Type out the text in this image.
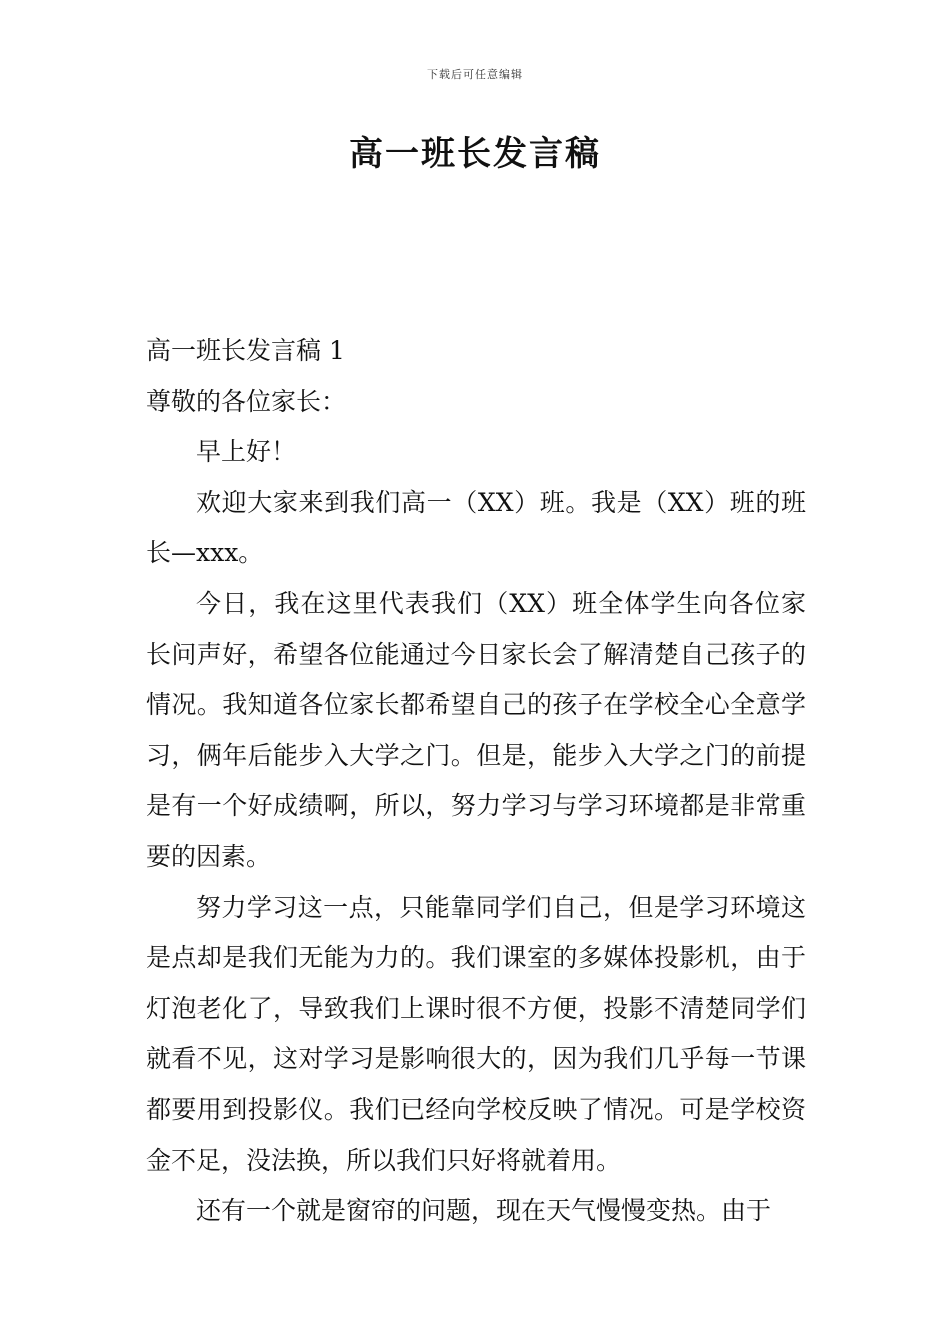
下载后可任意编辑
高一班长发言稿

高一班长发言稿 1

尊敬的各位家长：

早上好！

欢迎大家来到我们高一（XX）班。我是（XX）班的班长—xxx。

今日，我在这里代表我们（XX）班全体学生向各位家长问声好，希望各位能通过今日家长会了解清楚自己孩子的情况。我知道各位家长都希望自己的孩子在学校全心全意学习，俩年后能步入大学之门。但是，能步入大学之门的前提是有一个好成绩啊，所以，努力学习与学习环境都是非常重要的因素。

努力学习这一点，只能靠同学们自己，但是学习环境这是点却是我们无能为力的。我们课室的多媒体投影机，由于灯泡老化了，导致我们上课时很不方便，投影不清楚同学们就看不见，这对学习是影响很大的，因为我们几乎每一节课都要用到投影仪。我们已经向学校反映了情况。可是学校资金不足，没法换，所以我们只好将就着用。

还有一个就是窗帘的问题，现在天气慢慢变热。由于
